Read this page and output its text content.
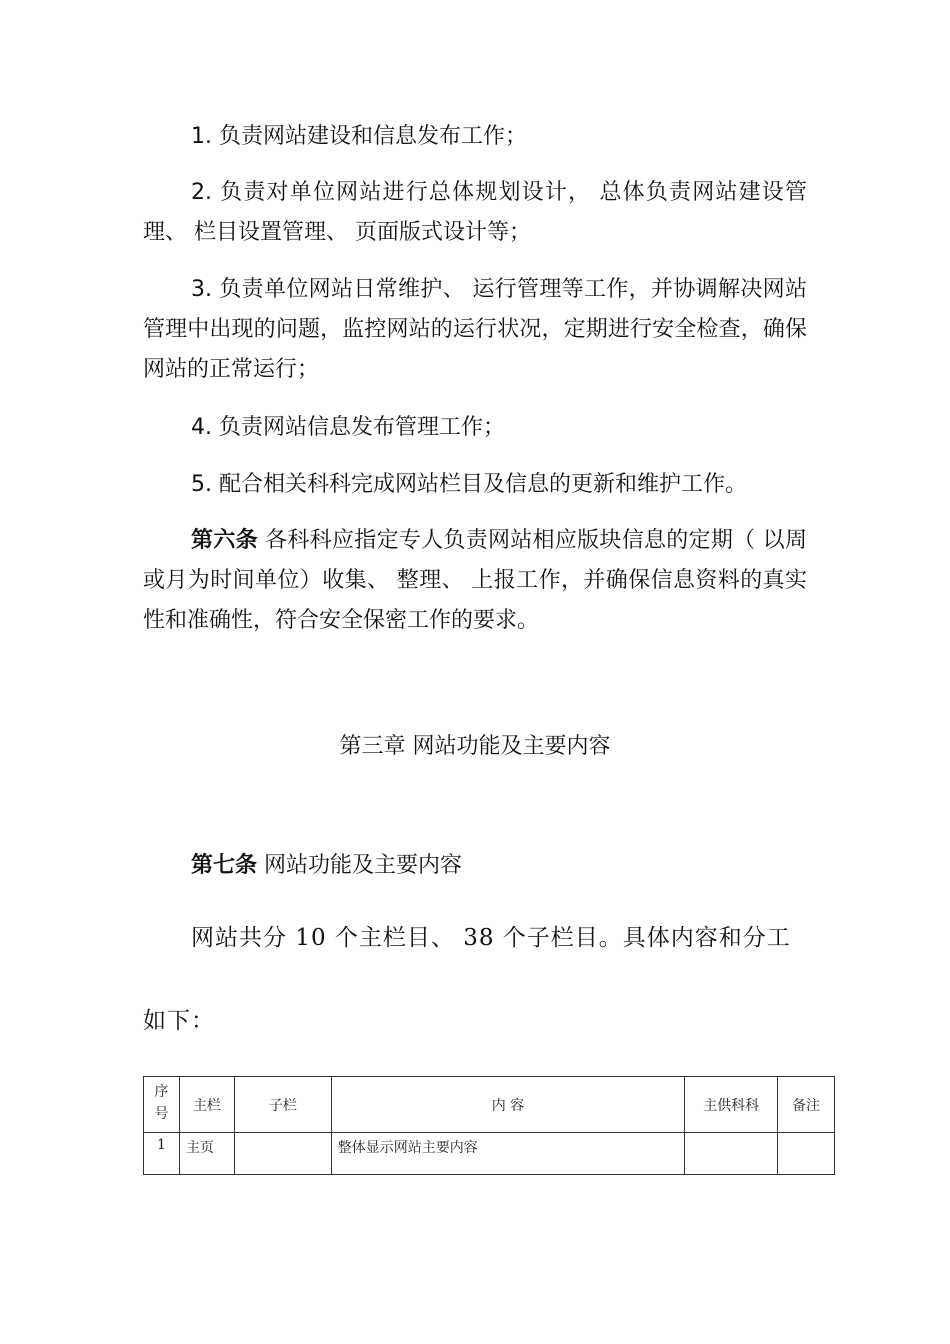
1. 负责网站建设和信息发布工作；

2. 负责对单位网站进行总体规划设计， 总体负责网站建设管理、 栏目设置管理、 页面版式设计等；

3. 负责单位网站日常维护、 运行管理等工作，并协调解决网站管理中出现的问题，监控网站的运行状况，定期进行安全检查，确保网站的正常运行；

4. 负责网站信息发布管理工作；

5. 配合相关科科完成网站栏目及信息的更新和维护工作。

第六条 各科科应指定专人负责网站相应版块信息的定期（ 以周或月为时间单位）收集、 整理、 上报工作，并确保信息资料的真实性和准确性，符合安全保密工作的要求。

第三章 网站功能及主要内容

第七条 网站功能及主要内容

网站共分 10 个主栏目、 38 个子栏目。具体内容和分工

如下：

序
号	主栏	子栏	内 容	主供科科	备注
1	主页		整体显示网站主要内容		
